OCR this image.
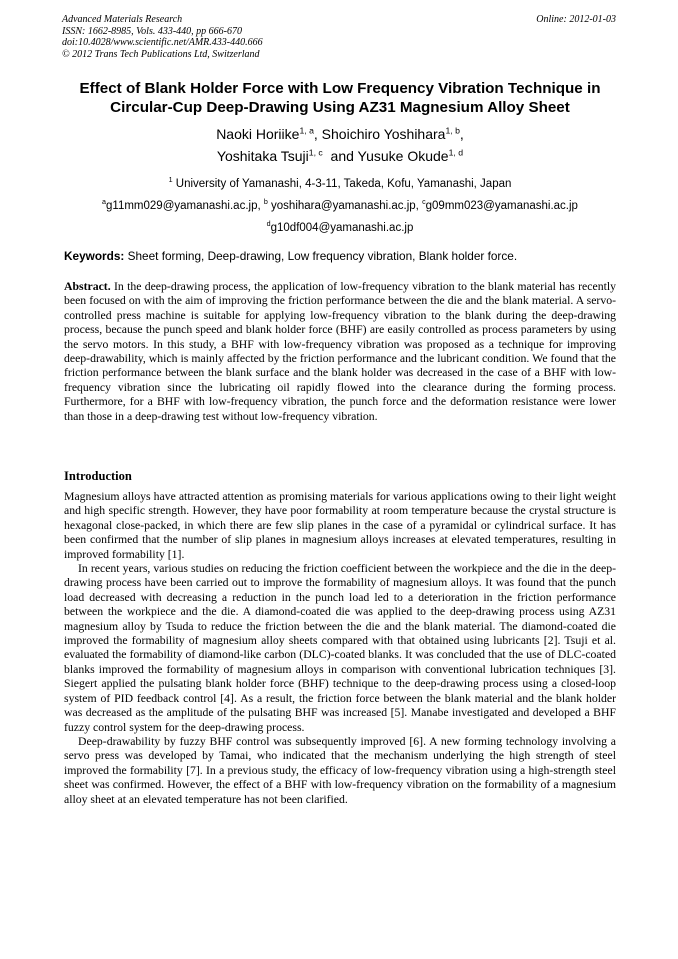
Advanced Materials Research
ISSN: 1662-8985, Vols. 433-440, pp 666-670
doi:10.4028/www.scientific.net/AMR.433-440.666
© 2012 Trans Tech Publications Ltd, Switzerland
Online: 2012-01-03
Effect of Blank Holder Force with Low Frequency Vibration Technique in
Circular-Cup Deep-Drawing Using AZ31 Magnesium Alloy Sheet
Naoki Horiike$^{1, a}$, Shoichiro Yoshihara$^{1, b}$,
Yoshitaka Tsuji$^{1, c}$  and Yusuke Okude$^{1, d}$
$^1$ University of Yamanashi, 4-3-11, Takeda, Kofu, Yamanashi, Japan
$^a$g11mm029@yamanashi.ac.jp, $^b$ yoshihara@yamanashi.ac.jp, $^c$g09mm023@yamanashi.ac.jp
$^d$g10df004@yamanashi.ac.jp
Keywords: Sheet forming, Deep-drawing, Low frequency vibration, Blank holder force.
Abstract. In the deep-drawing process, the application of low-frequency vibration to the blank material has recently been focused on with the aim of improving the friction performance between the die and the blank material. A servo-controlled press machine is suitable for applying low-frequency vibration to the blank during the deep-drawing process, because the punch speed and blank holder force (BHF) are easily controlled as process parameters by using the servo motors. In this study, a BHF with low-frequency vibration was proposed as a technique for improving deep-drawability, which is mainly affected by the friction performance and the lubricant condition. We found that the friction performance between the blank surface and the blank holder was decreased in the case of a BHF with low-frequency vibration since the lubricating oil rapidly flowed into the clearance during the forming process. Furthermore, for a BHF with low-frequency vibration, the punch force and the deformation resistance were lower than those in a deep-drawing test without low-frequency vibration.
Introduction

Magnesium alloys have attracted attention as promising materials for various applications owing to their light weight and high specific strength. However, they have poor formability at room temperature because the crystal structure is hexagonal close-packed, in which there are few slip planes in the case of a pyramidal or cylindrical surface. It has been confirmed that the number of slip planes in magnesium alloys increases at elevated temperatures, resulting in improved formability [1].

In recent years, various studies on reducing the friction coefficient between the workpiece and the die in the deep-drawing process have been carried out to improve the formability of magnesium alloys. It was found that the punch load decreased with decreasing a reduction in the punch load led to a deterioration in the friction performance between the workpiece and the die. A diamond-coated die was applied to the deep-drawing process using AZ31 magnesium alloy by Tsuda to reduce the friction between the die and the blank material. The diamond-coated die improved the formability of magnesium alloy sheets compared with that obtained using lubricants [2]. Tsuji et al. evaluated the formability of diamond-like carbon (DLC)-coated blanks. It was concluded that the use of DLC-coated blanks improved the formability of magnesium alloys in comparison with conventional lubrication techniques [3]. Siegert applied the pulsating blank holder force (BHF) technique to the deep-drawing process using a closed-loop system of PID feedback control [4]. As a result, the friction force between the blank material and the blank holder was decreased as the amplitude of the pulsating BHF was increased [5]. Manabe investigated and developed a BHF fuzzy control system for the deep-drawing process.

Deep-drawability by fuzzy BHF control was subsequently improved [6]. A new forming technology involving a servo press was developed by Tamai, who indicated that the mechanism underlying the high strength of steel improved the formability [7]. In a previous study, the efficacy of low-frequency vibration using a high-strength steel sheet was confirmed. However, the effect of a BHF with low-frequency vibration on the formability of a magnesium alloy sheet at an elevated temperature has not been clarified.
